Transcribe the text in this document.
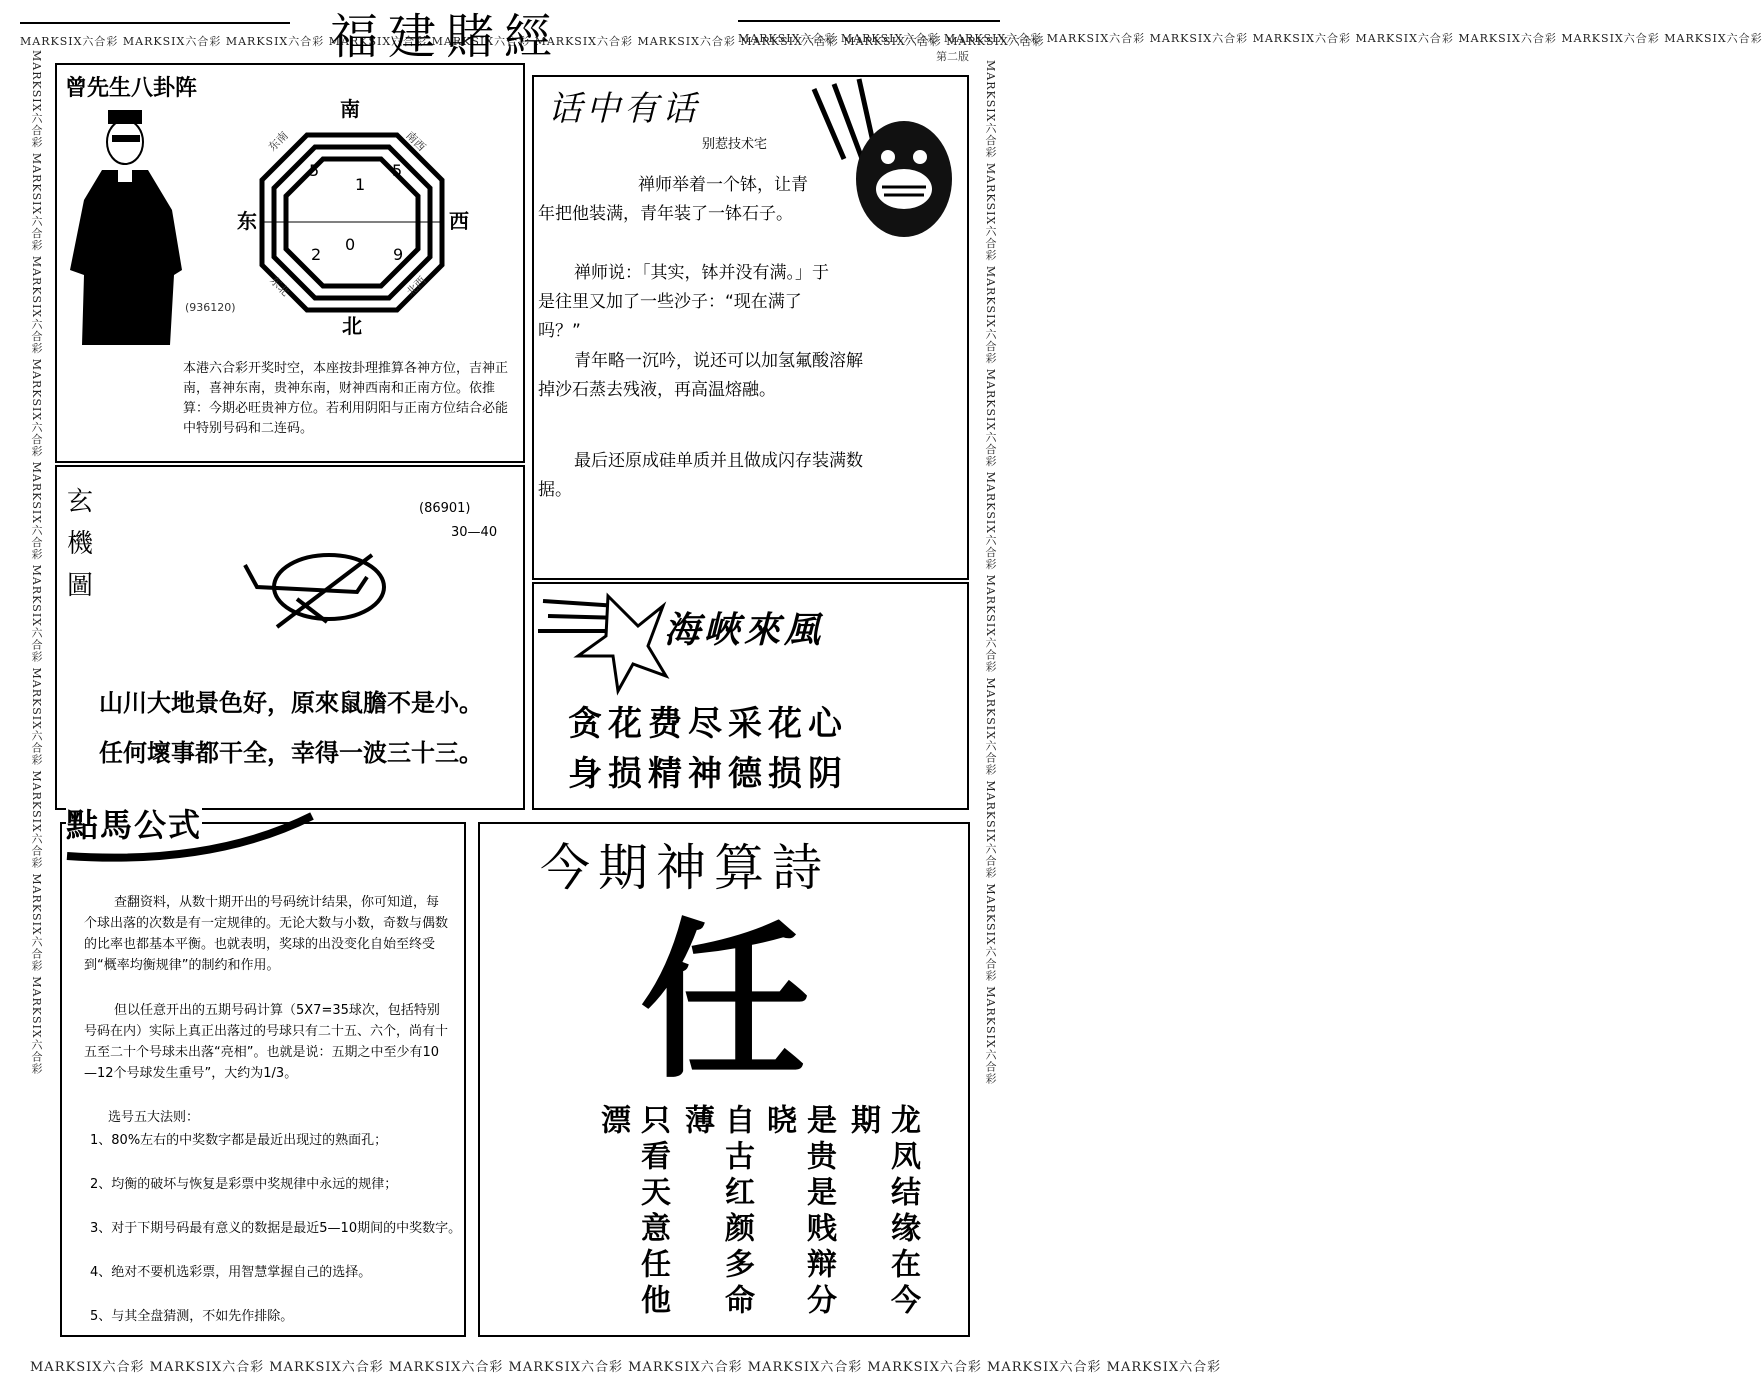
MARKSIX六合彩 MARKSIX六合彩 MARKSIX六合彩 MARKSIX六合彩 MARKSIX六合彩 MARKSIX六合彩 MARKSIX六合彩 MARKSIX六合彩 MARKSIX六合彩 MARKSIX六合彩
MARKSIX六合彩 MARKSIX六合彩 MARKSIX六合彩 MARKSIX六合彩 MARKSIX六合彩 MARKSIX六合彩 MARKSIX六合彩 MARKSIX六合彩 MARKSIX六合彩 MARKSIX六合彩
第二版
MARKSIX六合彩 MARKSIX六合彩 MARKSIX六合彩 MARKSIX六合彩 MARKSIX六合彩 MARKSIX六合彩 MARKSIX六合彩 MARKSIX六合彩 MARKSIX六合彩 MARKSIX六合彩
MARKSIX六合彩 MARKSIX六合彩 MARKSIX六合彩 MARKSIX六合彩 MARKSIX六合彩 MARKSIX六合彩 MARKSIX六合彩 MARKSIX六合彩 MARKSIX六合彩 MARKSIX六合彩	MARKSIX六合彩 MARKSIX六合彩 MARKSIX六合彩 MARKSIX六合彩 MARKSIX六合彩 MARKSIX六合彩 MARKSIX六合彩 MARKSIX六合彩 MARKSIX六合彩 MARKSIX六合彩
福建賭經
曾先生八卦阵
(936120)
南
北
东	西
东南	南西
东北	北西
5
1
5
2
0
9
本港六合彩开奖时空，本座按卦理推算各神方位，吉神正南，喜神东南，贵神东南，财神西南和正南方位。依推算：今期必旺贵神方位。若利用阴阳与正南方位结合必能中特别号码和二连码。
话中有话
别惹技术宅
禅师举着一个钵，让青年把他装满，青年装了一钵石子。
禅师说：「其实，钵并没有满。」于是往里又加了一些沙子：“现在满了吗？”
青年略一沉吟，说还可以加氢氟酸溶解掉沙石蒸去残液，再高温熔融。
最后还原成硅单质并且做成闪存装满数据。
玄機圖
(86901)
30—40
山川大地景色好，原來鼠膽不是小。
任何壞事都干全，幸得一波三十三。
海峽來風
贪花费尽采花心
身损精神德损阴
點馬公式
查翻资料，从数十期开出的号码统计结果，你可知道，每个球出落的次数是有一定规律的。无论大数与小数，奇数与偶数的比率也都基本平衡。也就表明，奖球的出没变化自始至终受到“概率均衡规律”的制约和作用。
但以任意开出的五期号码计算（5X7=35球次，包括特别号码在内）实际上真正出落过的号球只有二十五、六个，尚有十五至二十个号球未出落“亮相”。也就是说：五期之中至少有10—12个号球发生重号”，大约为1/3。
选号五大法则：
1、80%左右的中奖数字都是最近出现过的熟面孔；
2、均衡的破坏与恢复是彩票中奖规律中永远的规律；
3、对于下期号码最有意义的数据是最近5—10期间的中奖数字。
4、绝对不要机选彩票，用智慧掌握自己的选择。
5、与其全盘猜测，不如先作排除。
今期神算詩
任
龙凤结缘在今期
是贵是贱辩分晓
自古红颜多命薄
只看天意任他漂
